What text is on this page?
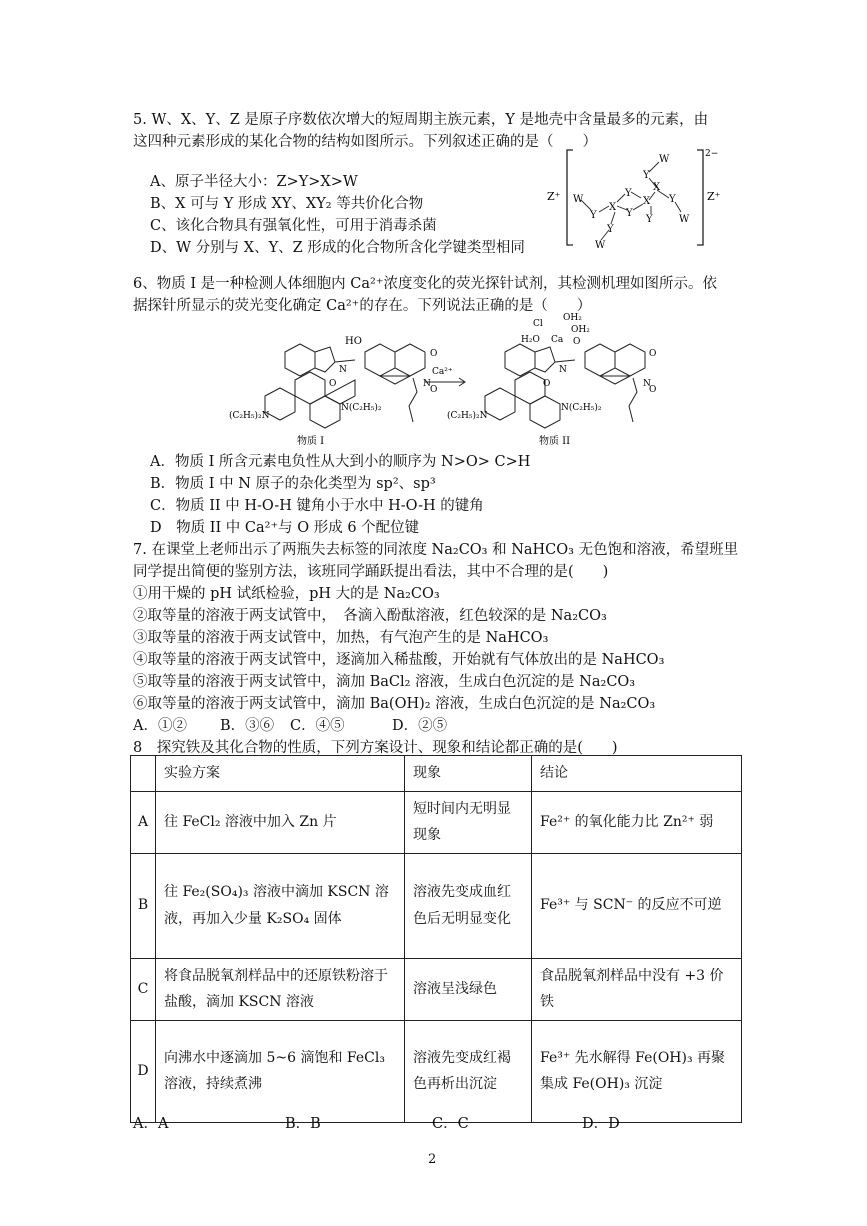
5. W、X、Y、Z 是原子序数依次增大的短周期主族元素，Y 是地壳中含量最多的元素，由
这四种元素形成的某化合物的结构如图所示。下列叙述正确的是（　　）
A、原子半径大小：Z>Y>X>W
B、X 可与 Y 形成 XY、XY₂ 等共价化合物
C、该化合物具有强氧化性，可用于消毒杀菌
D、W 分别与 X、Y、Z 形成的化合物所含化学键类型相同
2−
Z⁺	Z⁺
W
Y
X
Y
Y
X
X
Y
W
Y
W
Y
Y
W
6、物质 I 是一种检测人体细胞内 Ca²⁺浓度变化的荧光探针试剂，其检测机理如图所示。依
据探针所显示的荧光变化确定 Ca²⁺的存在。下列说法正确的是（　　）
HO
O
N
O
N
O
(C₂H₅)₂N
N(C₂H₅)₂
Ca²⁺
Cl
OH₂
OH₂
H₂O Ca O
O
N
O
N
O
(C₂H₅)₂N
N(C₂H₅)₂
物质 I	物质 II
A．物质 I 所含元素电负性从大到小的顺序为 N>O> C>H
B．物质 I 中 N 原子的杂化类型为 sp²、sp³
C．物质 II 中 H-O-H 键角小于水中 H-O-H 的键角
D　物质 II 中 Ca²⁺与 O 形成 6 个配位键
7. 在课堂上老师出示了两瓶失去标签的同浓度 Na₂CO₃ 和 NaHCO₃ 无色饱和溶液，希望班里
同学提出简便的鉴别方法，该班同学踊跃提出看法，其中不合理的是(　　)
①用干燥的 pH 试纸检验，pH 大的是 Na₂CO₃
②取等量的溶液于两支试管中，　各滴入酚酞溶液，红色较深的是 Na₂CO₃
③取等量的溶液于两支试管中，加热，有气泡产生的是 NaHCO₃
④取等量的溶液于两支试管中，逐滴加入稀盐酸，开始就有气体放出的是 NaHCO₃
⑤取等量的溶液于两支试管中，滴加 BaCl₂ 溶液，生成白色沉淀的是 Na₂CO₃
⑥取等量的溶液于两支试管中，滴加 Ba(OH)₂ 溶液，生成白色沉淀的是 Na₂CO₃
A．①② B．③⑥ C．④⑤	D．②⑤
8　探究铁及其化合物的性质，下列方案设计、现象和结论都正确的是(　　)
	实验方案	现象	结论
A	往 FeCl₂ 溶液中加入 Zn 片	短时间内无明显现象	Fe²⁺ 的氧化能力比 Zn²⁺ 弱
B	往 Fe₂(SO₄)₃ 溶液中滴加 KSCN 溶液，再加入少量 K₂SO₄ 固体	溶液先变成血红色后无明显变化	Fe³⁺ 与 SCN⁻ 的反应不可逆
C	将食品脱氧剂样品中的还原铁粉溶于盐酸，滴加 KSCN 溶液	溶液呈浅绿色	食品脱氧剂样品中没有 +3 价铁
D	向沸水中逐滴加 5~6 滴饱和 FeCl₃ 溶液，持续煮沸	溶液先变成红褐色再析出沉淀	Fe³⁺ 先水解得 Fe(OH)₃ 再聚集成 Fe(OH)₃ 沉淀
A．A	B．B	C．C	D．D
2
